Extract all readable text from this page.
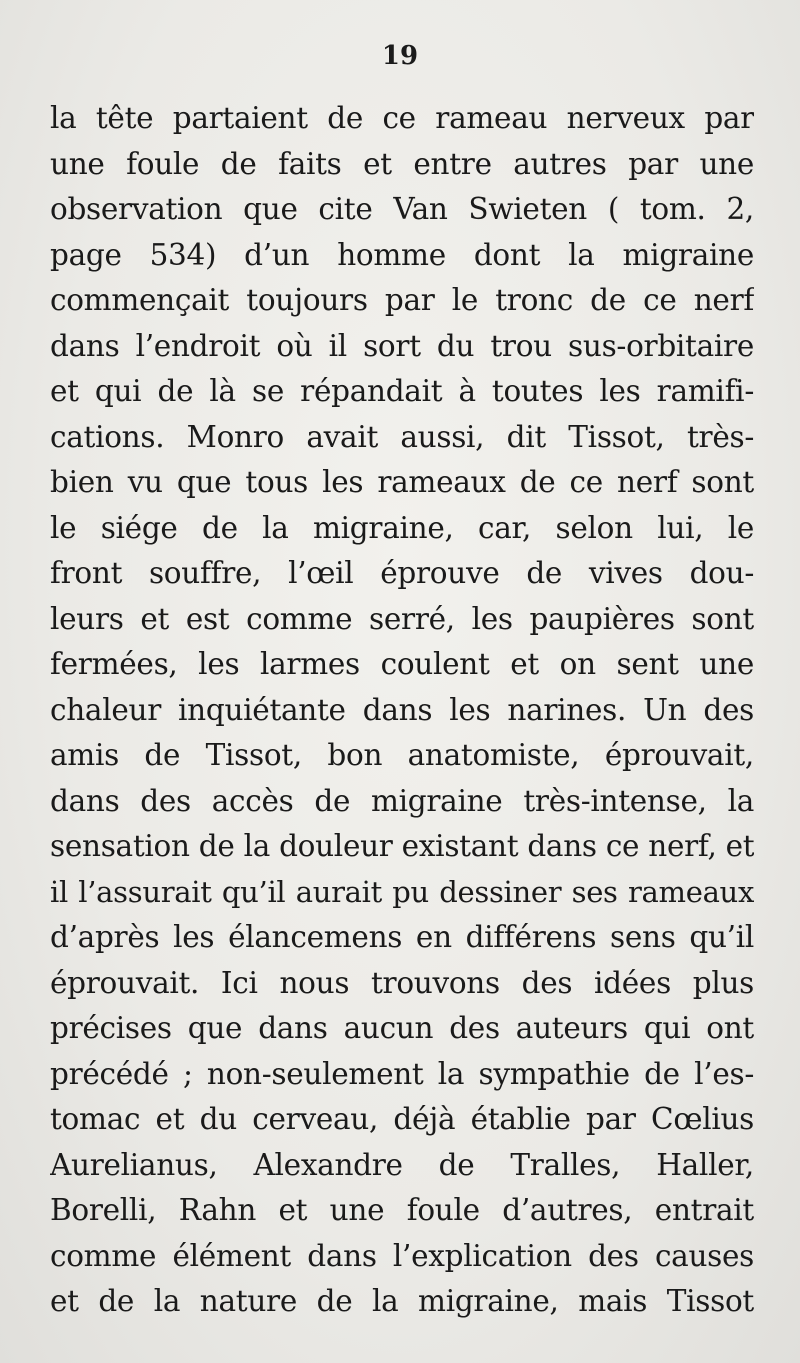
19
la tête partaient de ce rameau nerveux par
une foule de faits et entre autres par une
observation que cite Van Swieten ( tom. 2,
page 534) d’un homme dont la migraine
commençait toujours par le tronc de ce nerf
dans l’endroit où il sort du trou sus-orbitaire
et qui de là se répandait à toutes les ramifi-
cations. Monro avait aussi, dit Tissot, très-
bien vu que tous les rameaux de ce nerf sont
le siége de la migraine, car, selon lui, le
front souffre, l’œil éprouve de vives dou-
leurs et est comme serré, les paupières sont
fermées, les larmes coulent et on sent une
chaleur inquiétante dans les narines. Un des
amis de Tissot, bon anatomiste, éprouvait,
dans des accès de migraine très-intense, la
sensation de la douleur existant dans ce nerf, et
il l’assurait qu’il aurait pu dessiner ses rameaux
d’après les élancemens en différens sens qu’il
éprouvait. Ici nous trouvons des idées plus
précises que dans aucun des auteurs qui ont
précédé ; non-seulement la sympathie de l’es-
tomac et du cerveau, déjà établie par Cœlius
Aurelianus, Alexandre de Tralles, Haller,
Borelli, Rahn et une foule d’autres, entrait
comme élément dans l’explication des causes
et de la nature de la migraine, mais Tissot
